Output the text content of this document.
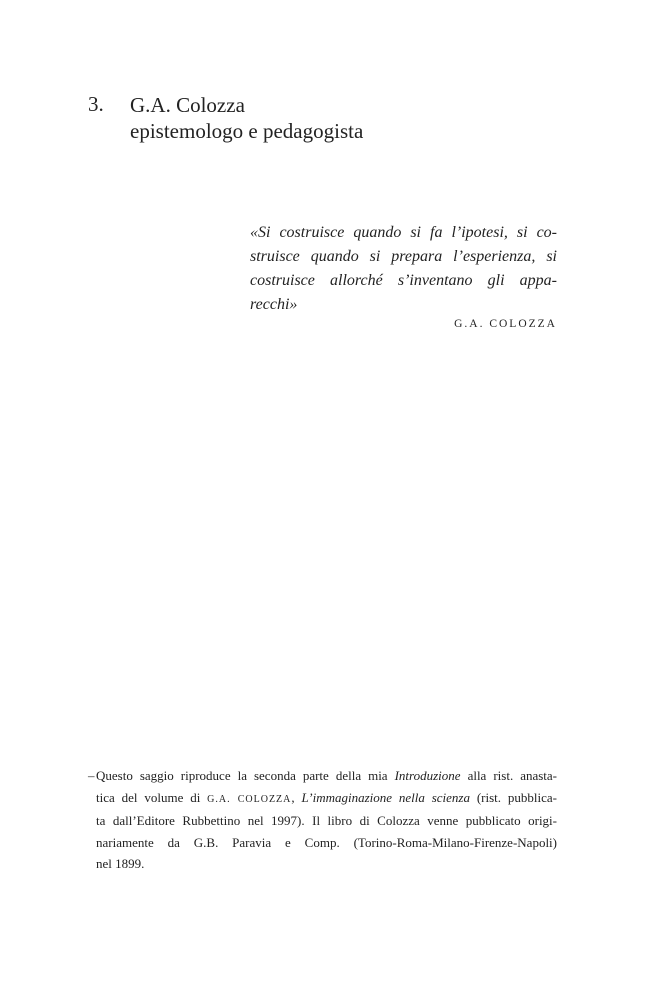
3. G.A. Colozza
epistemologo e pedagogista
«Si costruisce quando si fa l’ipotesi, si co-
struisce quando si prepara l’esperienza, si
costruisce allorché s’inventano gli appa-
recchi»
G.A. COLOZZA
– Questo saggio riproduce la seconda parte della mia Introduzione alla rist. anasta-
tica del volume di G.A. COLOZZA, L’immaginazione nella scienza (rist. pubblica-
ta dall’Editore Rubbettino nel 1997). Il libro di Colozza venne pubblicato origi-
nariamente da G.B. Paravia e Comp. (Torino-Roma-Milano-Firenze-Napoli)
nel 1899.
